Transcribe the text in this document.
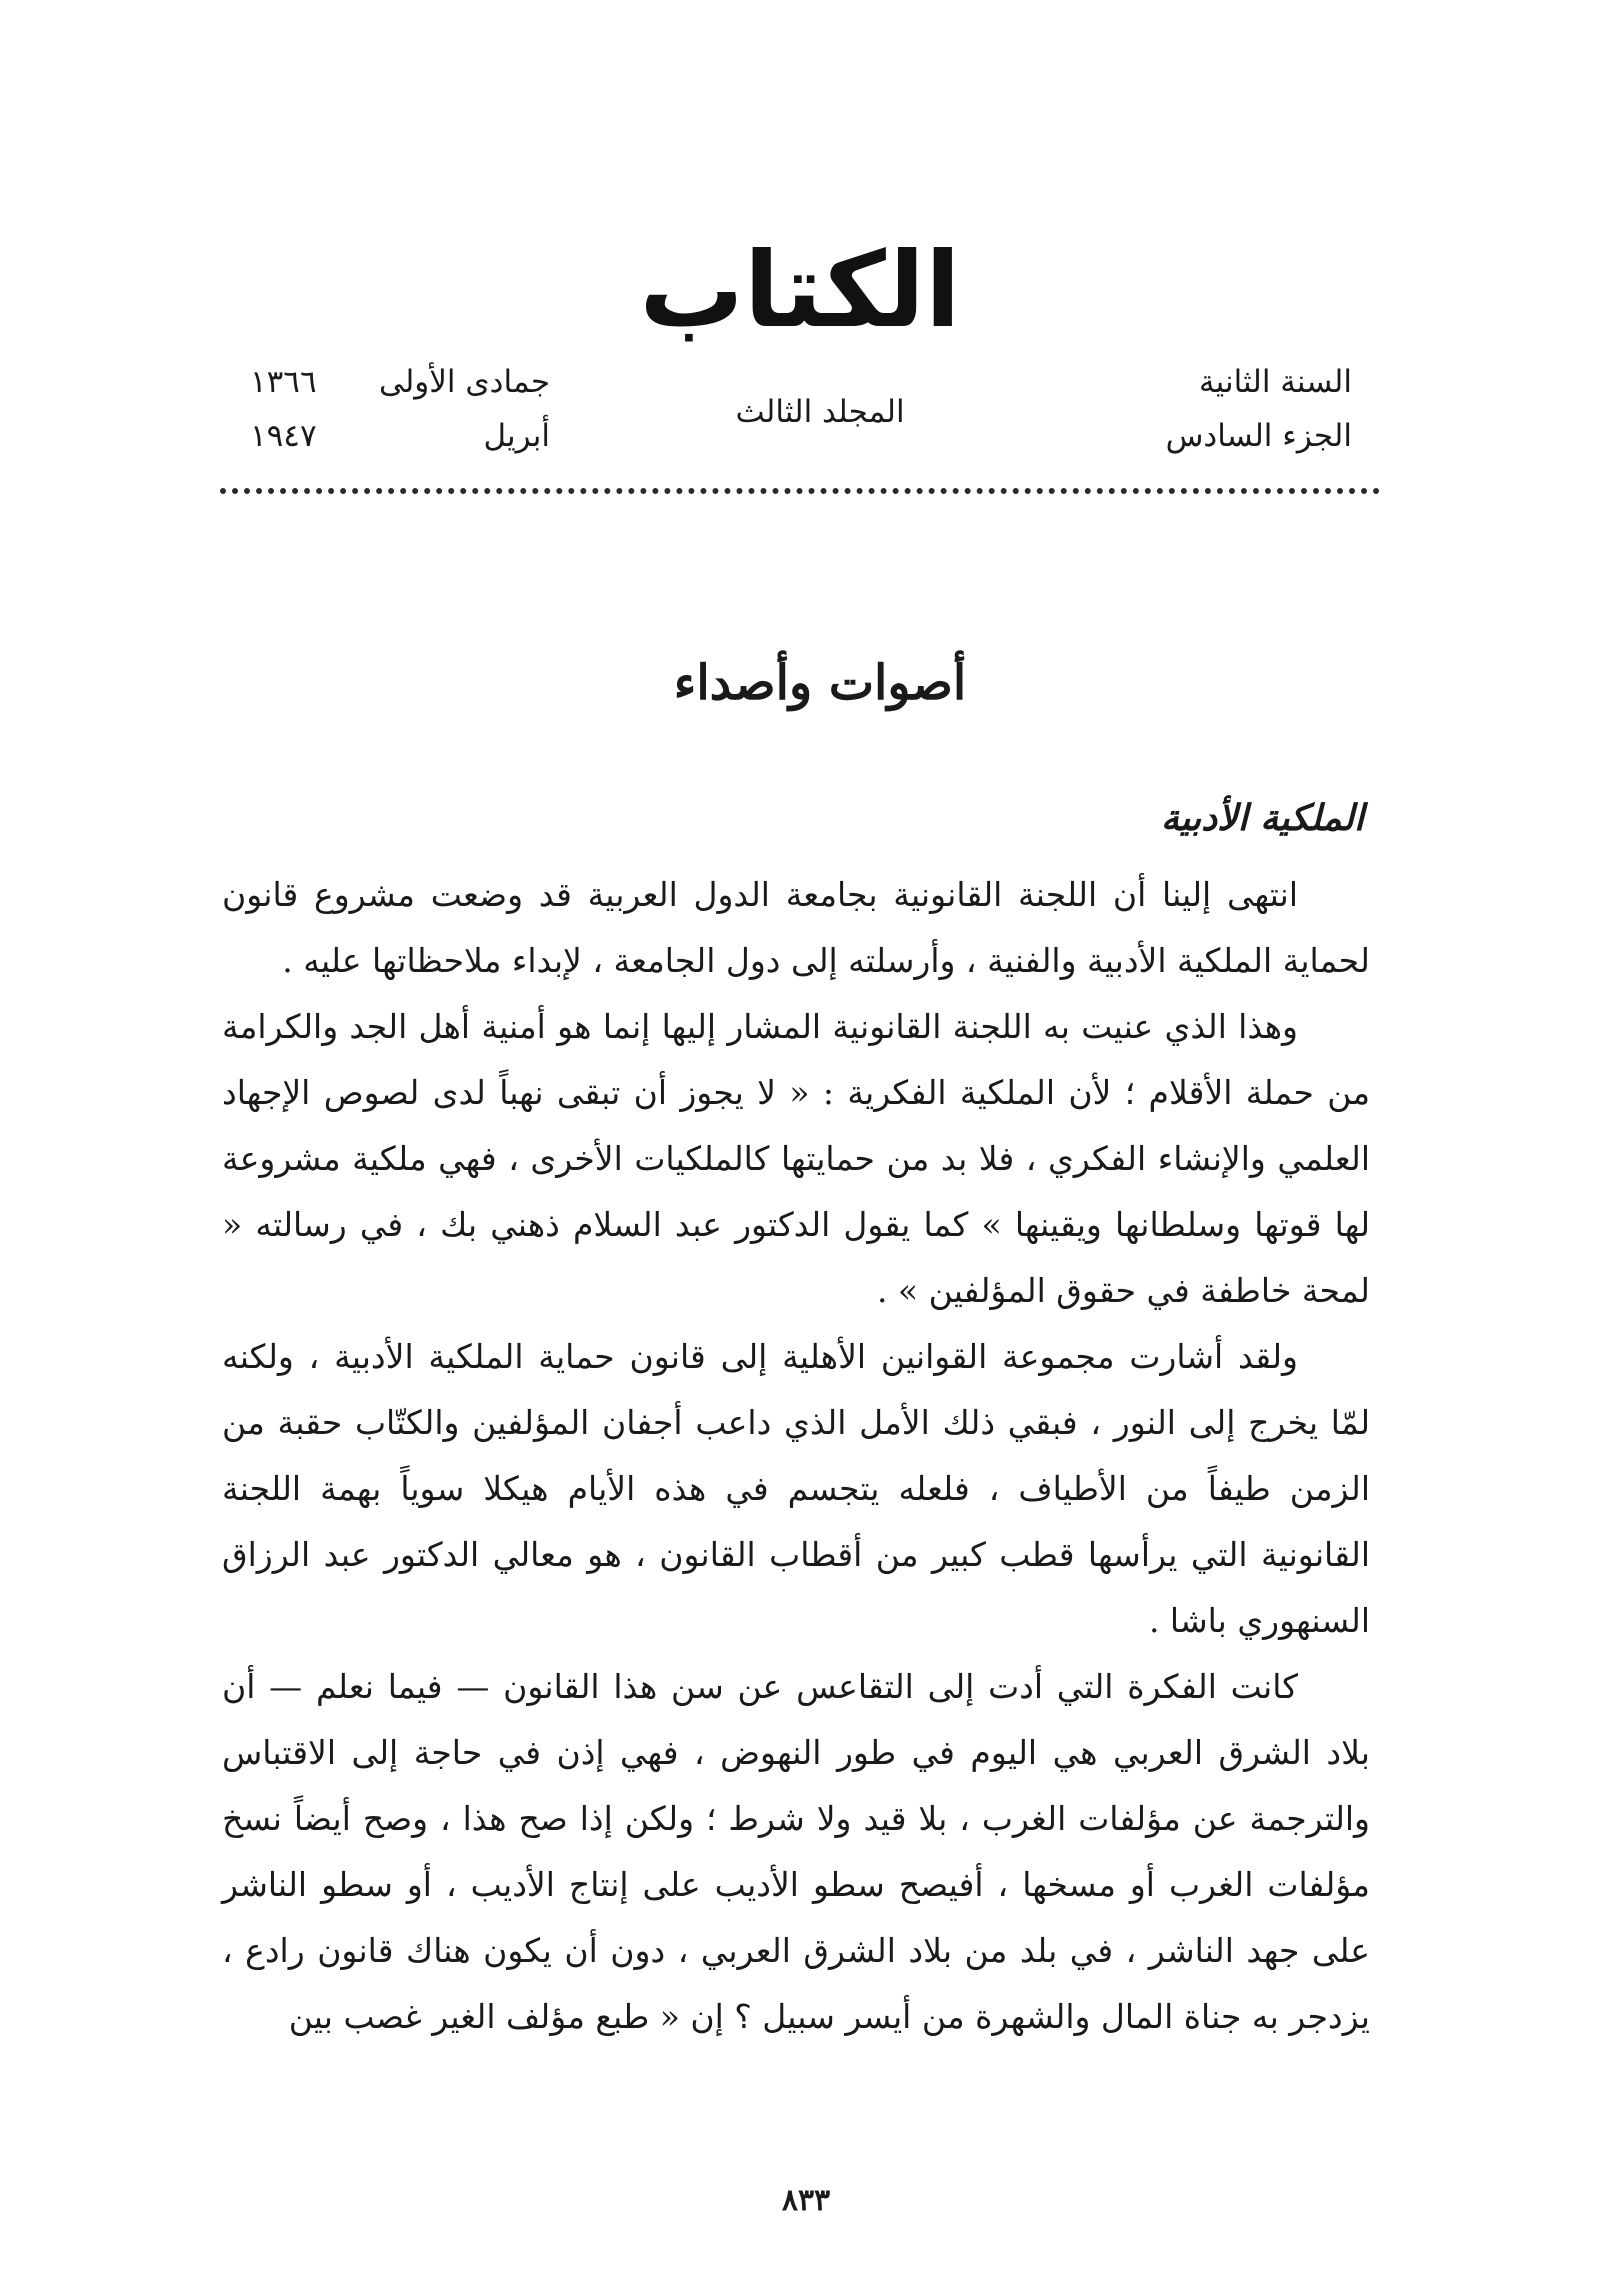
الكتاب
السنة الثانية
الجزء السادس
المجلد الثالث
جمادى الأولى
١٣٦٦
أبريل
١٩٤٧
أصوات وأصداء
الملكية الأدبية

انتهى إلينا أن اللجنة القانونية بجامعة الدول العربية قد وضعت مشروع قانون لحماية الملكية الأدبية والفنية ، وأرسلته إلى دول الجامعة ، لإبداء ملاحظاتها عليه .

وهذا الذي عنيت به اللجنة القانونية المشار إليها إنما هو أمنية أهل الجد والكرامة من حملة الأقلام ؛ لأن الملكية الفكرية : « لا يجوز أن تبقى نهباً لدى لصوص الإجهاد العلمي والإنشاء الفكري ، فلا بد من حمايتها كالملكيات الأخرى ، فهي ملكية مشروعة لها قوتها وسلطانها ويقينها » كما يقول الدكتور عبد السلام ذهني بك ، في رسالته « لمحة خاطفة في حقوق المؤلفين » .

ولقد أشارت مجموعة القوانين الأهلية إلى قانون حماية الملكية الأدبية ، ولكنه لمّا يخرج إلى النور ، فبقي ذلك الأمل الذي داعب أجفان المؤلفين والكتّاب حقبة من الزمن طيفاً من الأطياف ، فلعله يتجسم في هذه الأيام هيكلا سوياً بهمة اللجنة القانونية التي يرأسها قطب كبير من أقطاب القانون ، هو معالي الدكتور عبد الرزاق السنهوري باشا .

كانت الفكرة التي أدت إلى التقاعس عن سن هذا القانون — فيما نعلم — أن بلاد الشرق العربي هي اليوم في طور النهوض ، فهي إذن في حاجة إلى الاقتباس والترجمة عن مؤلفات الغرب ، بلا قيد ولا شرط ؛ ولكن إذا صح هذا ، وصح أيضاً نسخ مؤلفات الغرب أو مسخها ، أفيصح سطو الأديب على إنتاج الأديب ، أو سطو الناشر على جهد الناشر ، في بلد من بلاد الشرق العربي ، دون أن يكون هناك قانون رادع ، يزدجر به جناة المال والشهرة من أيسر سبيل ؟ إن « طبع مؤلف الغير غصب بين

٨٣٣
